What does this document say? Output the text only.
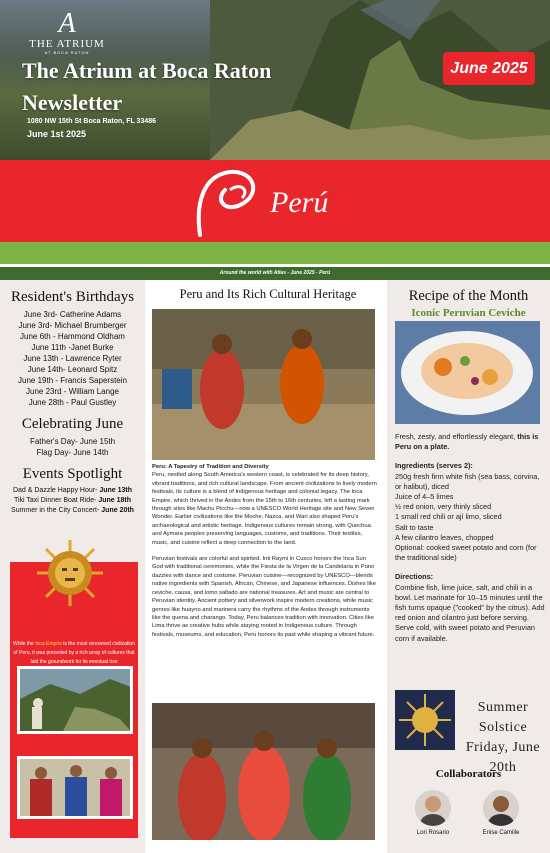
A
THE ATRIUM
AT BOCA RATON
The Atrium at Boca Raton
Newsletter
1080 NW 15th St Boca Raton, FL 33486
June 1st 2025
June 2025
Perú
Around the world with Atlas - June 2025 - Perú
Resident's Birthdays
June 3rd- Catherine Adams
June 3rd- Michael Brumberger
June 6th - Hammond Oldham
June 11th -Janet Burke
June 13th - Lawrence Ryter
June 14th- Leonard Spitz
June 19th - Francis Saperstein
June 23rd - William Lange
June 28th - Paul Gustley
Celebrating June
Father's Day- June 15th
Flag Day- June 14th
Events Spotlight
Dad & Dazzle Happy Hour- June 13th
Tiki Taxi Dinner Boat Ride- June 18th
Summer in the City Concert- June 20th
While the Inca Empire is the most renowned civilization of Peru, it was preceded by a rich array of cultures that laid the groundwork for its eventual rise
Peru and Its Rich Cultural Heritage

Peru: A Tapestry of Tradition and Diversity
Peru, nestled along South America's western coast, is celebrated for its deep history, vibrant traditions, and rich cultural landscape. From ancient civilizations to lively modern festivals, its culture is a blend of Indigenous heritage and colonial legacy. The Inca Empire, which thrived in the Andes from the 15th to 16th centuries, left a lasting mark through sites like Machu Picchu—now a UNESCO World Heritage site and New Seven Wonder. Earlier civilizations like the Moche, Nazca, and Wari also shaped Peru's archaeological and artistic heritage. Indigenous cultures remain strong, with Quechua and Aymara peoples preserving languages, customs, and traditions. Their textiles, music, and cuisine reflect a deep connection to the land.

Peruvian festivals are colorful and spirited. Inti Raymi in Cusco honors the Inca Sun God with traditional ceremonies, while the Fiesta de la Virgen de la Candelaria in Puno dazzles with dance and costume. Peruvian cuisine—recognized by UNESCO—blends native ingredients with Spanish, African, Chinese, and Japanese influences. Dishes like ceviche, causa, and lomo saltado are national treasures. Art and music are central to Peruvian identity. Ancient pottery and silverwork inspire modern creations, while music genres like huayno and marinera carry the rhythms of the Andes through instruments like the quena and charango. Today, Peru balances tradition with innovation. Cities like Lima thrive as creative hubs while staying rooted in Indigenous culture. Through festivals, museums, and education, Peru honors its past while shaping a vibrant future.

Recipe of the Month
Iconic Peruvian Ceviche
Fresh, zesty, and effortlessly elegant, this is Peru on a plate.
Ingredients (serves 2):
250g fresh firm white fish (sea bass, corvina, or halibut), diced
Juice of 4–5 limes
½ red onion, very thinly sliced
1 small red chili or ají limo, sliced
Salt to taste
A few cilantro leaves, chopped
Optional: cooked sweet potato and corn (for the traditional side)
Directions:
Combine fish, lime juice, salt, and chili in a bowl. Let marinate for 10–15 minutes until the fish turns opaque ("cooked" by the citrus). Add red onion and cilantro just before serving. Serve cold, with sweet potato and Peruvian corn if available.
Summer Solstice
Friday, June 20th
Collaborators
Lori Rosario	Enise Camille
